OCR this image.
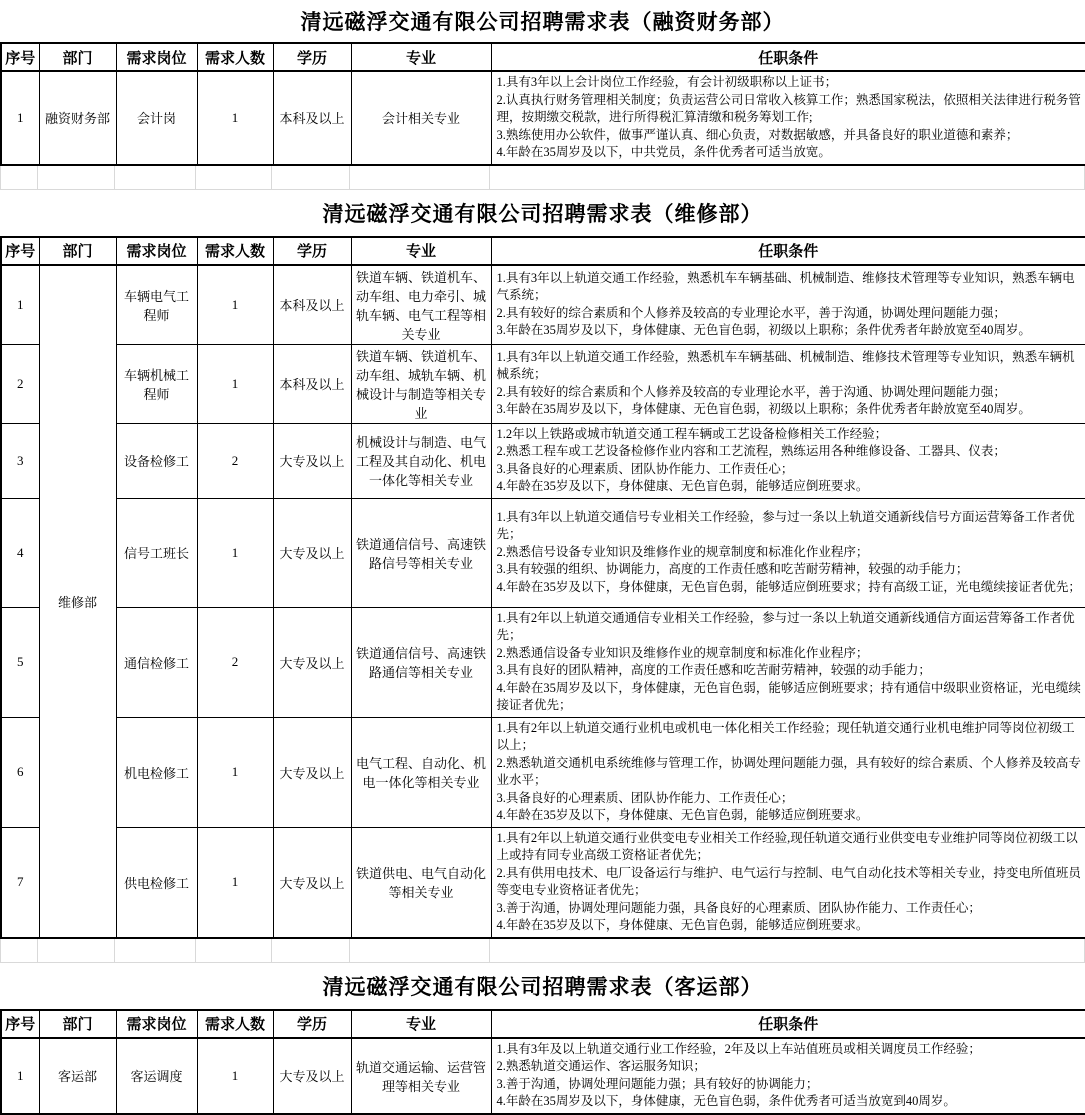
清远磁浮交通有限公司招聘需求表（融资财务部）
序号	部门	需求岗位	需求人数	学历	专业	任职条件
1	融资财务部	会计岗	1	本科及以上	会计相关专业	1.具有3年以上会计岗位工作经验，有会计初级职称以上证书；
2.认真执行财务管理相关制度；负责运营公司日常收入核算工作；熟悉国家税法，依照相关法律进行税务管理，按期缴交税款，进行所得税汇算清缴和税务筹划工作;
3.熟练使用办公软件，做事严谨认真、细心负责，对数据敏感，并具备良好的职业道德和素养；
4.年龄在35周岁及以下，中共党员，条件优秀者可适当放宽。
清远磁浮交通有限公司招聘需求表（维修部）
序号	部门	需求岗位	需求人数	学历	专业	任职条件
1	维修部	车辆电气工程师	1	本科及以上	铁道车辆、铁道机车、动车组、电力牵引、城轨车辆、电气工程等相关专业	1.具有3年以上轨道交通工作经验，熟悉机车车辆基础、机械制造、维修技术管理等专业知识，熟悉车辆电气系统；
2.具有较好的综合素质和个人修养及较高的专业理论水平，善于沟通，协调处理问题能力强；
3.年龄在35周岁及以下，身体健康、无色盲色弱，初级以上职称；条件优秀者年龄放宽至40周岁。

2		车辆机械工程师	1	本科及以上	铁道车辆、铁道机车、动车组、城轨车辆、机械设计与制造等相关专业	1.具有3年以上轨道交通工作经验，熟悉机车车辆基础、机械制造、维修技术管理等专业知识，熟悉车辆机械系统；
2.具有较好的综合素质和个人修养及较高的专业理论水平，善于沟通、协调处理问题能力强；
3.年龄在35周岁及以下，身体健康、无色盲色弱，初级以上职称；条件优秀者年龄放宽至40周岁。

3		设备检修工	2	大专及以上	机械设计与制造、电气工程及其自动化、机电一体化等相关专业	1.2年以上铁路或城市轨道交通工程车辆或工艺设备检修相关工作经验；
2.熟悉工程车或工艺设备检修作业内容和工艺流程，熟练运用各种维修设备、工器具、仪表；
3.具备良好的心理素质、团队协作能力、工作责任心；
4.年龄在35岁及以下，身体健康、无色盲色弱，能够适应倒班要求。

4		信号工班长	1	大专及以上	铁道通信信号、高速铁路信号等相关专业	1.具有3年以上轨道交通信号专业相关工作经验，参与过一条以上轨道交通新线信号方面运营筹备工作者优先；
2.熟悉信号设备专业知识及维修作业的规章制度和标准化作业程序；
3.具有较强的组织、协调能力，高度的工作责任感和吃苦耐劳精神，较强的动手能力；
4.年龄在35岁及以下，身体健康，无色盲色弱，能够适应倒班要求；持有高级工证，光电缆续接证者优先；

5		通信检修工	2	大专及以上	铁道通信信号、高速铁路通信等相关专业	1.具有2年以上轨道交通通信专业相关工作经验，参与过一条以上轨道交通新线通信方面运营筹备工作者优先；
2.熟悉通信设备专业知识及维修作业的规章制度和标准化作业程序；
3.具有良好的团队精神，高度的工作责任感和吃苦耐劳精神，较强的动手能力；
4.年龄在35周岁及以下，身体健康，无色盲色弱，能够适应倒班要求；持有通信中级职业资格证，光电缆续接证者优先；

6		机电检修工	1	大专及以上	电气工程、自动化、机电一体化等相关专业	1.具有2年以上轨道交通行业机电或机电一体化相关工作经验；现任轨道交通行业机电维护同等岗位初级工以上；
2.熟悉轨道交通机电系统维修与管理工作，协调处理问题能力强，具有较好的综合素质、个人修养及较高专业水平；
3.具备良好的心理素质、团队协作能力、工作责任心；
4.年龄在35岁及以下，身体健康、无色盲色弱，能够适应倒班要求。

7		供电检修工	1	大专及以上	铁道供电、电气自动化等相关专业	1.具有2年以上轨道交通行业供变电专业相关工作经验,现任轨道交通行业供变电专业维护同等岗位初级工以上或持有同专业高级工资格证者优先；
2.具有供用电技术、电厂设备运行与维护、电气运行与控制、电气自动化技术等相关专业，持变电所值班员等变电专业资格证者优先；
3.善于沟通，协调处理问题能力强，具备良好的心理素质、团队协作能力、工作责任心；
4.年龄在35岁及以下，身体健康、无色盲色弱，能够适应倒班要求。
清远磁浮交通有限公司招聘需求表（客运部）
序号	部门	需求岗位	需求人数	学历	专业	任职条件
1	客运部	客运调度	1	大专及以上	轨道交通运输、运营管理等相关专业	1.具有3年及以上轨道交通行业工作经验，2年及以上车站值班员或相关调度员工作经验；
2.熟悉轨道交通运作、客运服务知识；
3.善于沟通，协调处理问题能力强；具有较好的协调能力；
4.年龄在35周岁及以下，身体健康，无色盲色弱，条件优秀者可适当放宽到40周岁。
